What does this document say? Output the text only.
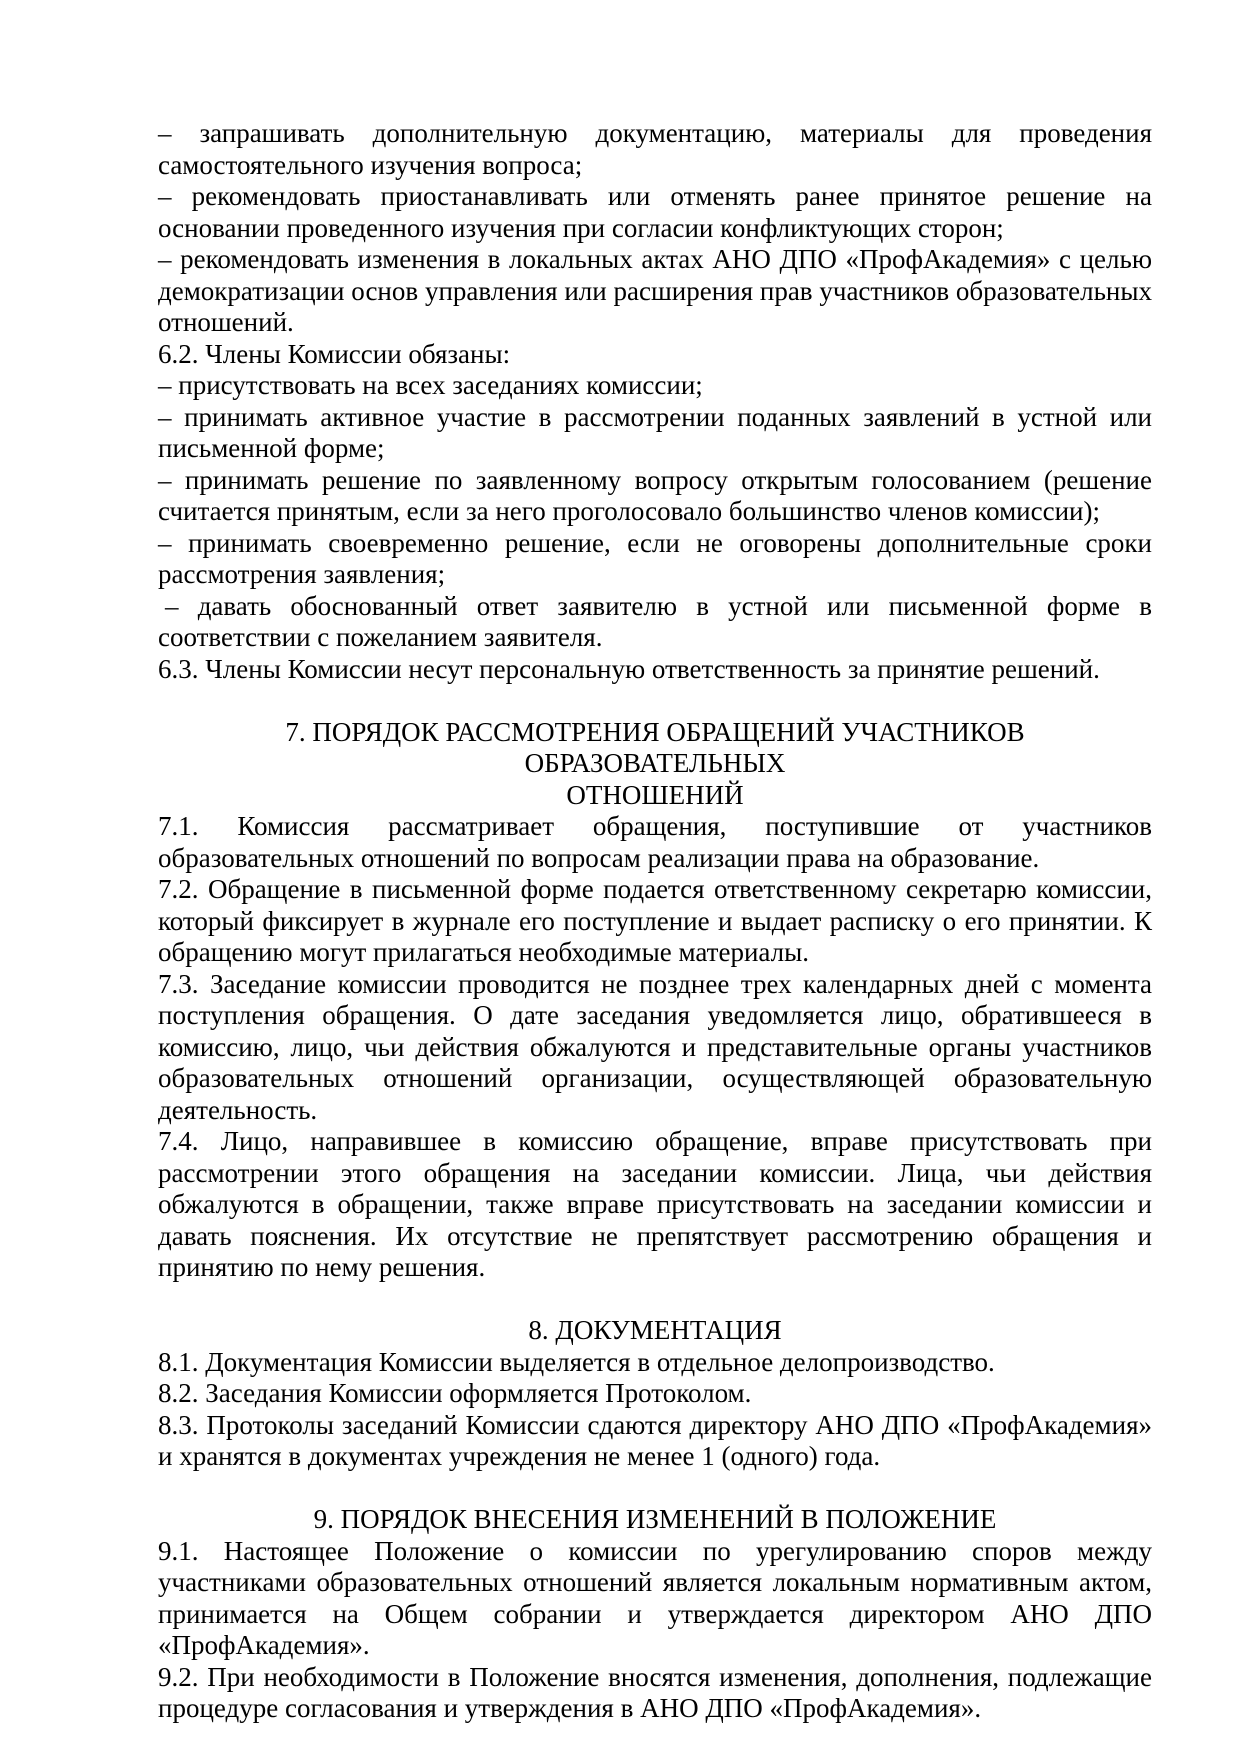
– запрашивать дополнительную документацию, материалы для проведения самостоятельного изучения вопроса;

– рекомендовать приостанавливать или отменять ранее принятое решение на основании проведенного изучения при согласии конфликтующих сторон;

– рекомендовать изменения в локальных актах АНО ДПО «ПрофАкадемия» с целью демократизации основ управления или расширения прав участников образовательных отношений.

6.2. Члены Комиссии обязаны:

– присутствовать на всех заседаниях комиссии;

– принимать активное участие в рассмотрении поданных заявлений в устной или письменной форме;

– принимать решение по заявленному вопросу открытым голосованием (решение считается принятым, если за него проголосовало большинство членов комиссии);

– принимать своевременно решение, если не оговорены дополнительные сроки рассмотрения заявления;

– давать обоснованный ответ заявителю в устной или письменной форме в соответствии с пожеланием заявителя.

6.3. Члены Комиссии несут персональную ответственность за принятие решений.

7. ПОРЯДОК РАССМОТРЕНИЯ ОБРАЩЕНИЙ УЧАСТНИКОВ ОБРАЗОВАТЕЛЬНЫХ
ОТНОШЕНИЙ

7.1. Комиссия рассматривает обращения, поступившие от участников образовательных отношений по вопросам реализации права на образование.

7.2. Обращение в письменной форме подается ответственному секретарю комиссии, который фиксирует в журнале его поступление и выдает расписку о его принятии. К обращению могут прилагаться необходимые материалы.

7.3. Заседание комиссии проводится не позднее трех календарных дней с момента поступления обращения. О дате заседания уведомляется лицо, обратившееся в комиссию, лицо, чьи действия обжалуются и представительные органы участников образовательных отношений организации, осуществляющей образовательную деятельность.

7.4. Лицо, направившее в комиссию обращение, вправе присутствовать при рассмотрении этого обращения на заседании комиссии. Лица, чьи действия обжалуются в обращении, также вправе присутствовать на заседании комиссии и давать пояснения. Их отсутствие не препятствует рассмотрению обращения и принятию по нему решения.

8. ДОКУМЕНТАЦИЯ

8.1. Документация Комиссии выделяется в отдельное делопроизводство.

8.2. Заседания Комиссии оформляется Протоколом.

8.3. Протоколы заседаний Комиссии сдаются директору АНО ДПО «ПрофАкадемия» и хранятся в документах учреждения не менее 1 (одного) года.

9. ПОРЯДОК ВНЕСЕНИЯ ИЗМЕНЕНИЙ В ПОЛОЖЕНИЕ

9.1. Настоящее Положение о комиссии по урегулированию споров между участниками образовательных отношений является локальным нормативным актом, принимается на Общем собрании и утверждается директором АНО ДПО «ПрофАкадемия».

9.2. При необходимости в Положение вносятся изменения, дополнения, подлежащие процедуре согласования и утверждения в АНО ДПО «ПрофАкадемия».
